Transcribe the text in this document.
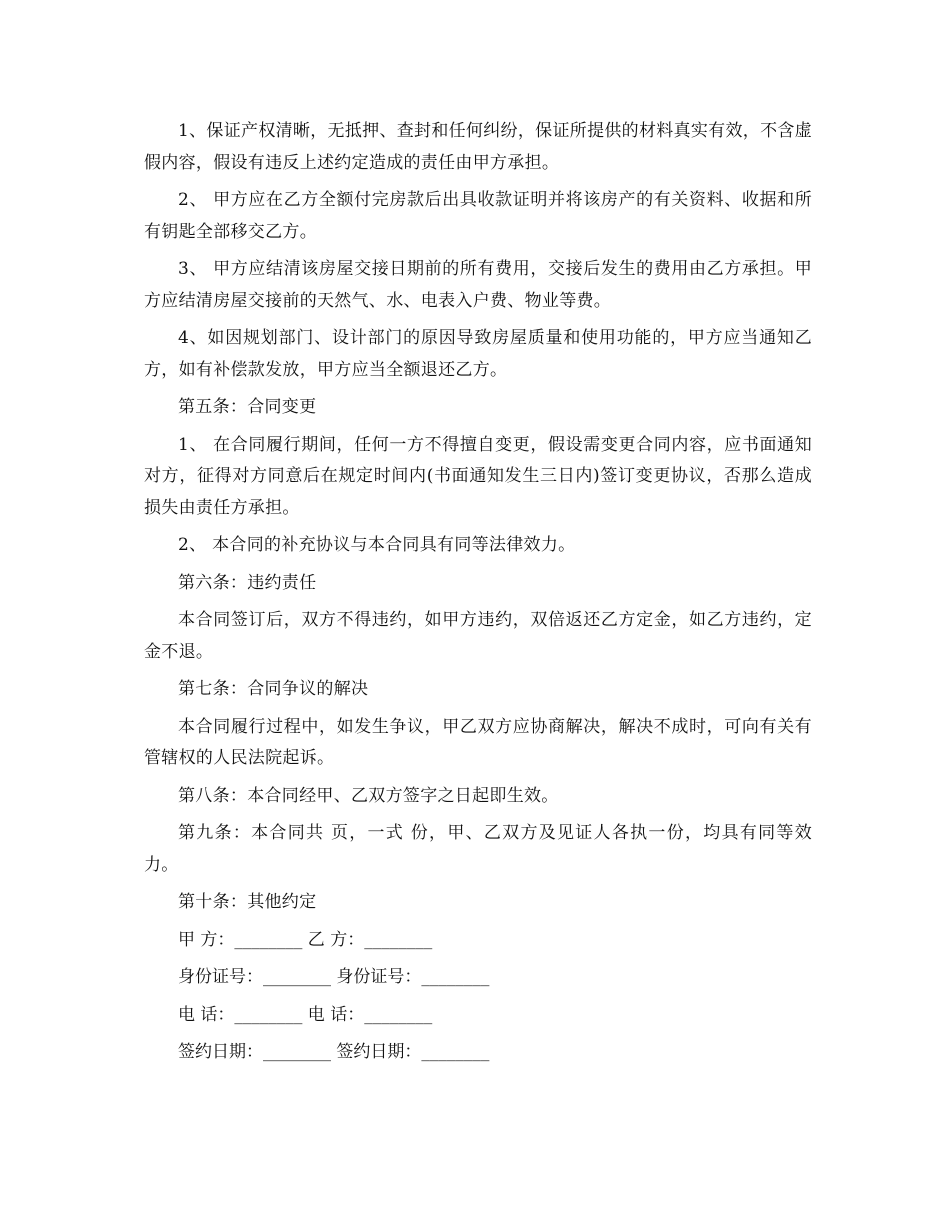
1、保证产权清晰，无抵押、查封和任何纠纷，保证所提供的材料真实有效，不含虚假内容，假设有违反上述约定造成的责任由甲方承担。

2、 甲方应在乙方全额付完房款后出具收款证明并将该房产的有关资料、收据和所有钥匙全部移交乙方。

3、 甲方应结清该房屋交接日期前的所有费用，交接后发生的费用由乙方承担。甲方应结清房屋交接前的天然气、水、电表入户费、物业等费。

4、如因规划部门、设计部门的原因导致房屋质量和使用功能的，甲方应当通知乙方，如有补偿款发放，甲方应当全额退还乙方。

第五条：合同变更

1、 在合同履行期间，任何一方不得擅自变更，假设需变更合同内容，应书面通知对方，征得对方同意后在规定时间内(书面通知发生三日内)签订变更协议，否那么造成损失由责任方承担。

2、 本合同的补充协议与本合同具有同等法律效力。

第六条：违约责任

本合同签订后，双方不得违约，如甲方违约，双倍返还乙方定金，如乙方违约，定金不退。

第七条：合同争议的解决

本合同履行过程中，如发生争议，甲乙双方应协商解决，解决不成时，可向有关有管辖权的人民法院起诉。

第八条：本合同经甲、乙双方签字之日起即生效。

第九条：本合同共 页，一式 份，甲、乙双方及见证人各执一份，均具有同等效力。

第十条：其他约定

甲 方：________ 乙 方：________
身份证号：________ 身份证号：________
电 话：________ 电 话：________
签约日期：________ 签约日期：________
